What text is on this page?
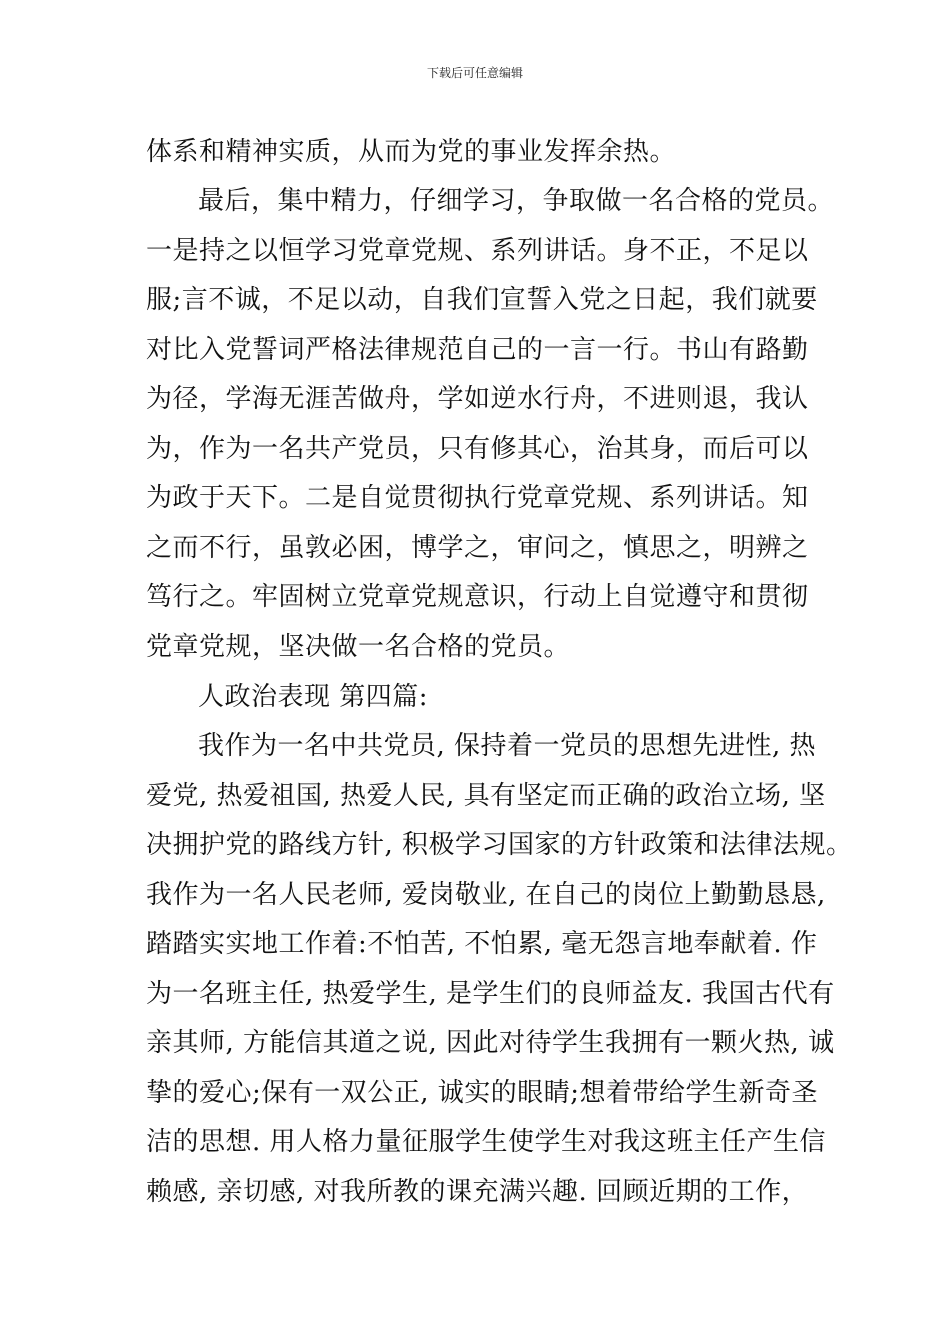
下载后可任意编辑
体系和精神实质，从而为党的事业发挥余热。
最后，集中精力，仔细学习，争取做一名合格的党员。
一是持之以恒学习党章党规、系列讲话。身不正，不足以
服;言不诚，不足以动，自我们宣誓入党之日起，我们就要
对比入党誓词严格法律规范自己的一言一行。书山有路勤
为径，学海无涯苦做舟，学如逆水行舟，不进则退，我认
为，作为一名共产党员，只有修其心，治其身，而后可以
为政于天下。二是自觉贯彻执行党章党规、系列讲话。知
之而不行，虽敦必困，博学之，审问之，慎思之，明辨之
笃行之。牢固树立党章党规意识，行动上自觉遵守和贯彻
党章党规，坚决做一名合格的党员。
人政治表现 第四篇:
我作为一名中共党员, 保持着一党员的思想先进性, 热
爱党, 热爱祖国, 热爱人民, 具有坚定而正确的政治立场, 坚
决拥护党的路线方针, 积极学习国家的方针政策和法律法规。
我作为一名人民老师, 爱岗敬业, 在自己的岗位上勤勤恳恳,
踏踏实实地工作着:不怕苦, 不怕累, 毫无怨言地奉献着. 作
为一名班主任, 热爱学生, 是学生们的良师益友. 我国古代有
亲其师, 方能信其道之说, 因此对待学生我拥有一颗火热, 诚
挚的爱心;保有一双公正, 诚实的眼睛;想着带给学生新奇圣
洁的思想. 用人格力量征服学生使学生对我这班主任产生信
赖感, 亲切感, 对我所教的课充满兴趣. 回顾近期的工作，
